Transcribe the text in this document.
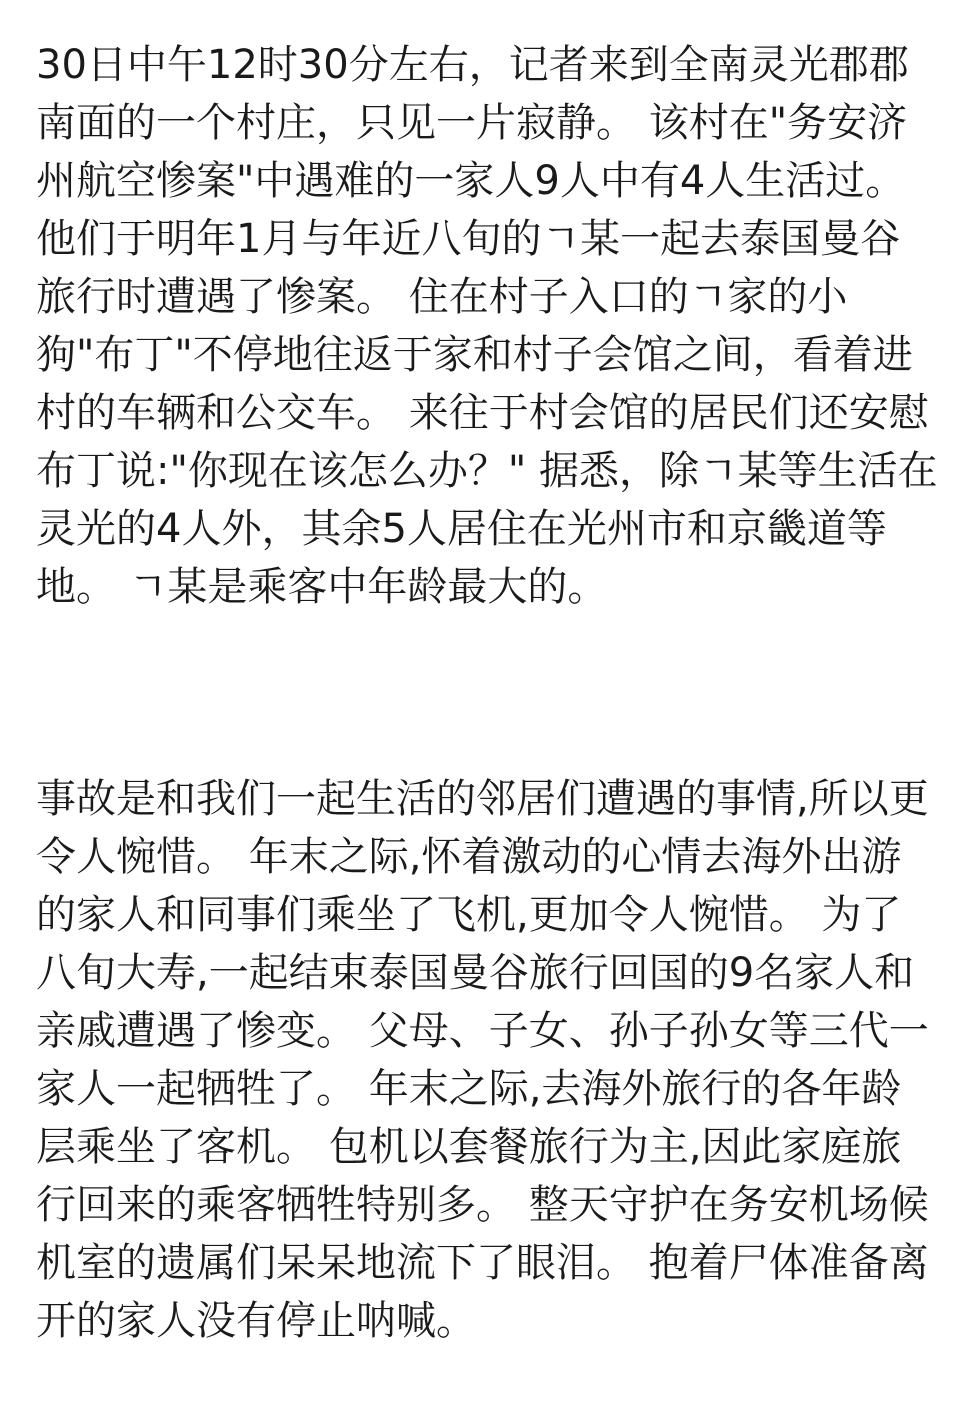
30日中午12时30分左右，记者来到全南灵光郡郡
南面的一个村庄，只见一片寂静。 该村在"务安济
州航空惨案"中遇难的一家人9人中有4人生活过。
他们于明年1月与年近八旬的ㄱ某一起去泰国曼谷
旅行时遭遇了惨案。 住在村子入口的ㄱ家的小
狗"布丁"不停地往返于家和村子会馆之间，看着进
村的车辆和公交车。 来往于村会馆的居民们还安慰
布丁说:"你现在该怎么办？" 据悉，除ㄱ某等生活在
灵光的4人外，其余5人居住在光州市和京畿道等
地。 ㄱ某是乘客中年龄最大的。
事故是和我们一起生活的邻居们遭遇的事情,所以更
令人惋惜。 年末之际,怀着激动的心情去海外出游
的家人和同事们乘坐了飞机,更加令人惋惜。 为了
八旬大寿,一起结束泰国曼谷旅行回国的9名家人和
亲戚遭遇了惨变。 父母、子女、孙子孙女等三代一
家人一起牺牲了。 年末之际,去海外旅行的各年龄
层乘坐了客机。 包机以套餐旅行为主,因此家庭旅
行回来的乘客牺牲特别多。 整天守护在务安机场候
机室的遗属们呆呆地流下了眼泪。 抱着尸体准备离
开的家人没有停止呐喊。
